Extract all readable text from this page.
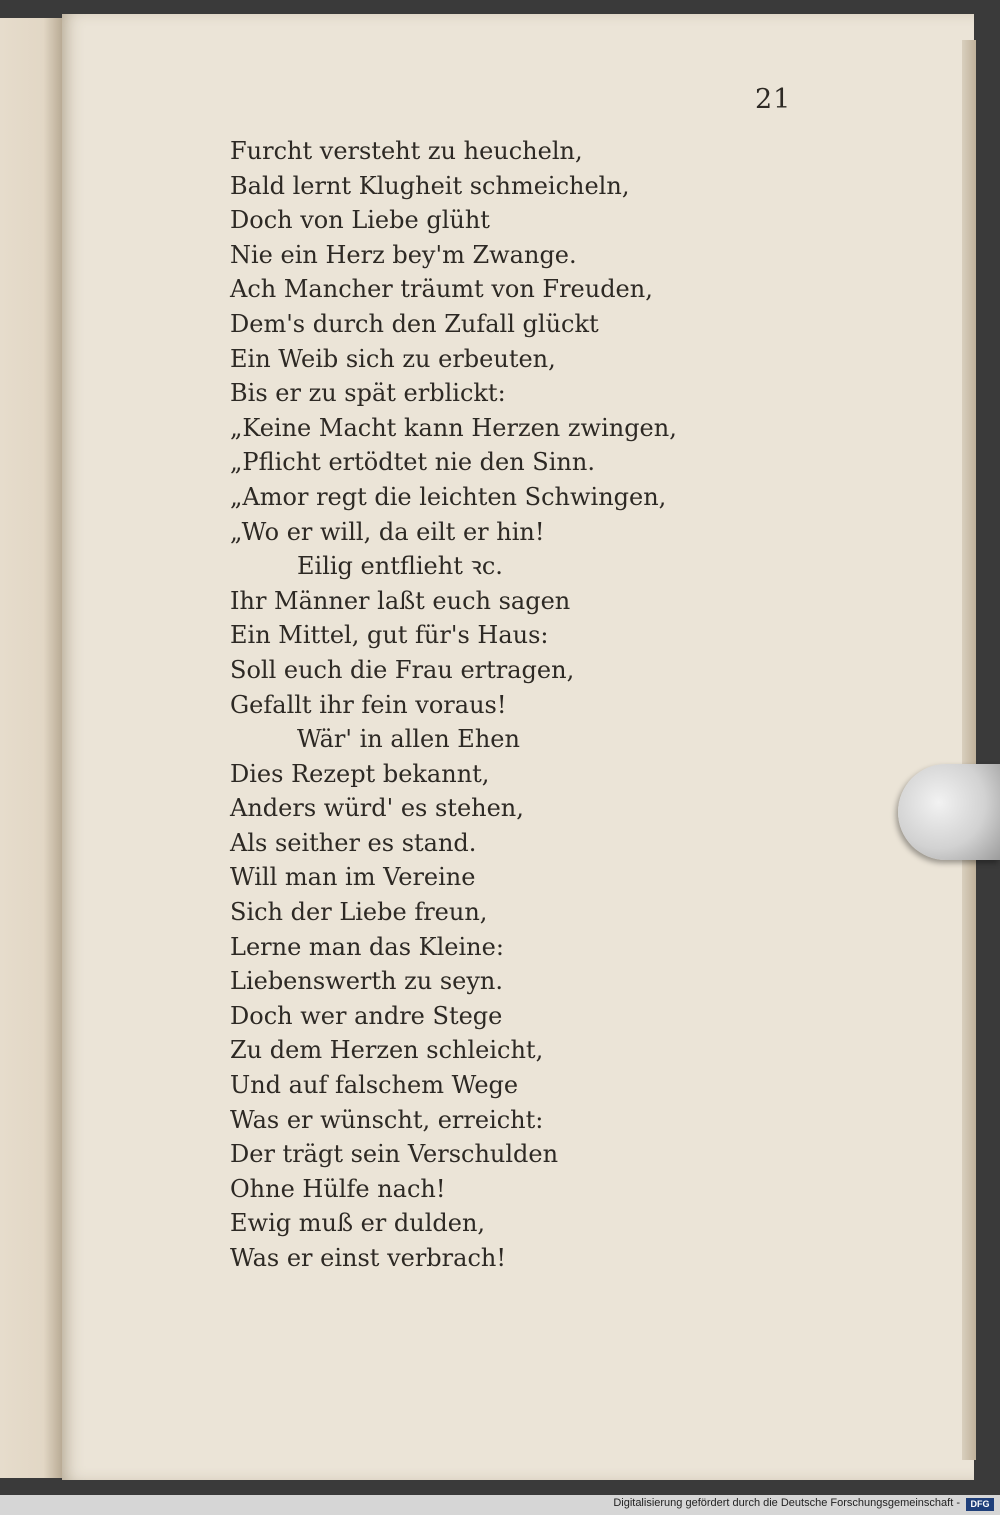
21
Furcht versteht zu heucheln,
Bald lernt Klugheit schmeicheln,
Doch von Liebe glüht
Nie ein Herz bey'm Zwange.
Ach Mancher träumt von Freuden,
Dem's durch den Zufall glückt
Ein Weib sich zu erbeuten,
Bis er zu spät erblickt:
„Keine Macht kann Herzen zwingen,
„Pflicht ertödtet nie den Sinn.
„Amor regt die leichten Schwingen,
„Wo er will, da eilt er hin!
Eilig entflieht ꝛc.
Ihr Männer laßt euch sagen
Ein Mittel, gut für's Haus:
Soll euch die Frau ertragen,
Gefallt ihr fein voraus!
Wär' in allen Ehen
Dies Rezept bekannt,
Anders würd' es stehen,
Als seither es stand.
Will man im Vereine
Sich der Liebe freun,
Lerne man das Kleine:
Liebenswerth zu seyn.
Doch wer andre Stege
Zu dem Herzen schleicht,
Und auf falschem Wege
Was er wünscht, erreicht:
Der trägt sein Verschulden
Ohne Hülfe nach!
Ewig muß er dulden,
Was er einst verbrach!
Digitalisierung gefördert durch die Deutsche Forschungsgemeinschaft -	DFG
